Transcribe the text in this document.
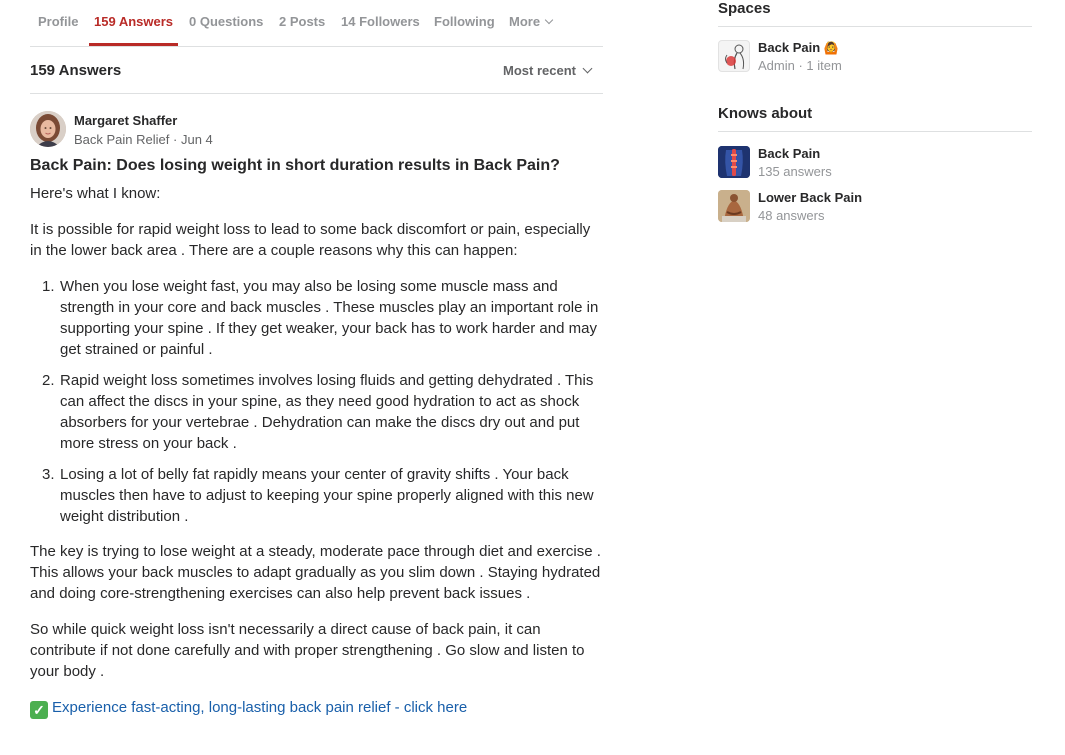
Profile 159 Answers 0 Questions 2 Posts 14 Followers Following More
159 Answers	Most recent
Margaret Shaffer
Back Pain Relief · Jun 4
Back Pain: Does losing weight in short duration results in Back Pain?

Here's what I know:

It is possible for rapid weight loss to lead to some back discomfort or pain, especially in the lower back area . There are a couple reasons why this can happen:

1. When you lose weight fast, you may also be losing some muscle mass and strength in your core and back muscles . These muscles play an important role in supporting your spine . If they get weaker, your back has to work harder and may get strained or painful .
2. Rapid weight loss sometimes involves losing fluids and getting dehydrated . This can affect the discs in your spine, as they need good hydration to act as shock absorbers for your vertebrae . Dehydration can make the discs dry out and put more stress on your back .
3. Losing a lot of belly fat rapidly means your center of gravity shifts . Your back muscles then have to adjust to keeping your spine properly aligned with this new weight distribution .

The key is trying to lose weight at a steady, moderate pace through diet and exercise . This allows your back muscles to adapt gradually as you slim down . Staying hydrated and doing core-strengthening exercises can also help prevent back issues .

So while quick weight loss isn't necessarily a direct cause of back pain, it can contribute if not done carefully and with proper strengthening . Go slow and listen to your body .

✓ Experience fast-acting, long-lasting back pain relief - click here
Spaces
Back Pain 🙆
Admin · 1 item
Knows about
Back Pain
135 answers
Lower Back Pain
48 answers
